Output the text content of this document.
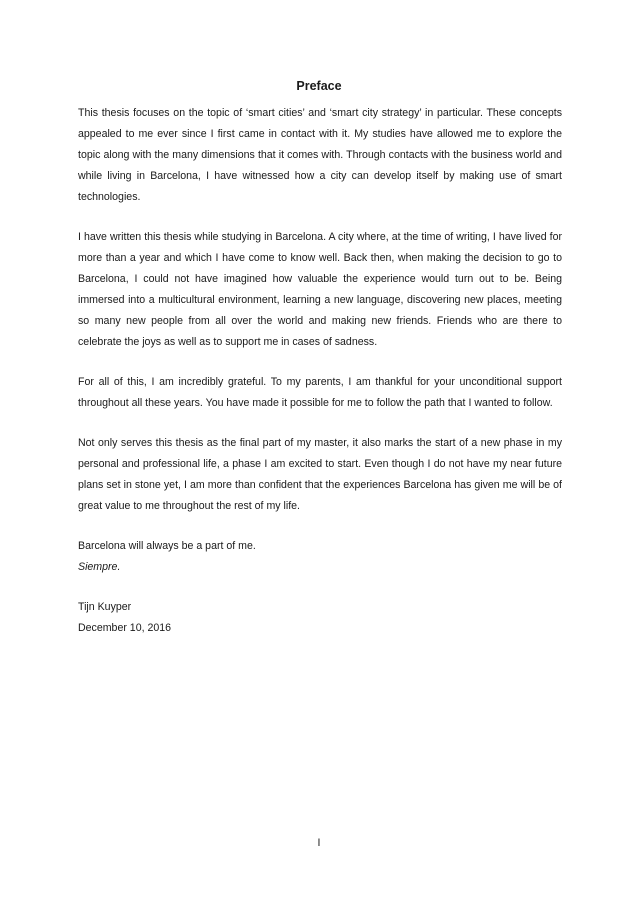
Preface

This thesis focuses on the topic of ‘smart cities’ and ‘smart city strategy’ in particular. These concepts appealed to me ever since I first came in contact with it. My studies have allowed me to explore the topic along with the many dimensions that it comes with. Through contacts with the business world and while living in Barcelona, I have witnessed how a city can develop itself by making use of smart technologies.

I have written this thesis while studying in Barcelona. A city where, at the time of writing, I have lived for more than a year and which I have come to know well. Back then, when making the decision to go to Barcelona, I could not have imagined how valuable the experience would turn out to be. Being immersed into a multicultural environment, learning a new language, discovering new places, meeting so many new people from all over the world and making new friends. Friends who are there to celebrate the joys as well as to support me in cases of sadness.

For all of this, I am incredibly grateful. To my parents, I am thankful for your unconditional support throughout all these years. You have made it possible for me to follow the path that I wanted to follow.

Not only serves this thesis as the final part of my master, it also marks the start of a new phase in my personal and professional life, a phase I am excited to start. Even though I do not have my near future plans set in stone yet, I am more than confident that the experiences Barcelona has given me will be of great value to me throughout the rest of my life.

Barcelona will always be a part of me.

Siempre.

Tijn Kuyper

December 10, 2016

I
